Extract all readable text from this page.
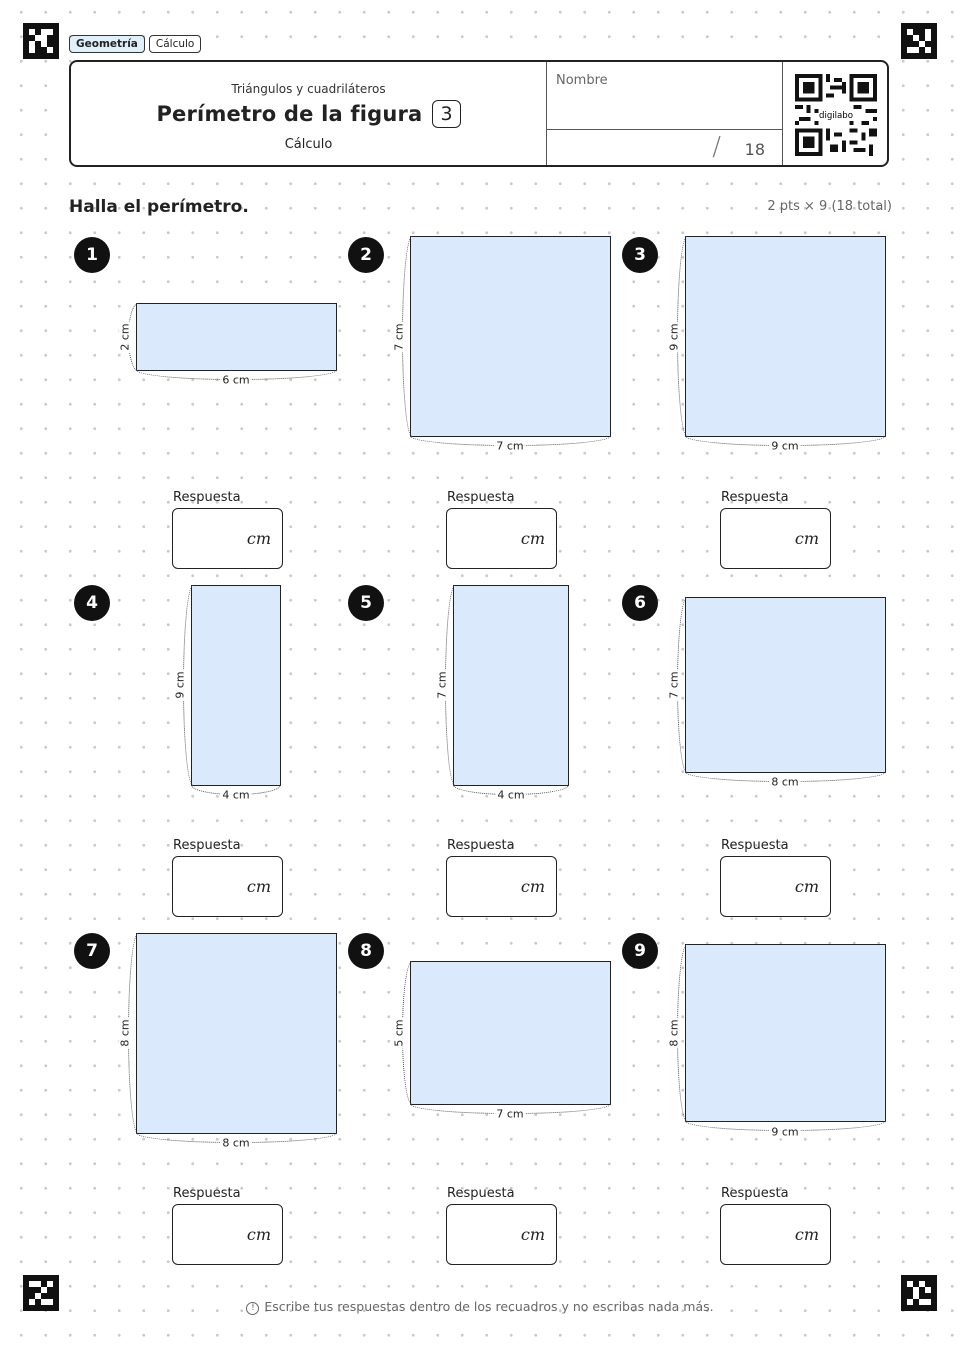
Geometría	Cálculo
Triángulos y cuadriláteros
Perímetro de la figura 3
Cálculo
Nombre
/ 18
digilabo
Halla el perímetro.	2 pts × 9 (18 total)
1
6 cm
2 cm
2
7 cm
7 cm
3
9 cm
9 cm
Respuesta
cm
Respuesta
cm
Respuesta
cm
4
4 cm
9 cm
5
4 cm
7 cm
6
8 cm
7 cm
Respuesta
cm
Respuesta
cm
Respuesta
cm
7
8 cm
8 cm
8
7 cm
5 cm
9
9 cm
8 cm
Respuesta
cm
Respuesta
cm
Respuesta
cm
! Escribe tus respuestas dentro de los recuadros y no escribas nada más.
